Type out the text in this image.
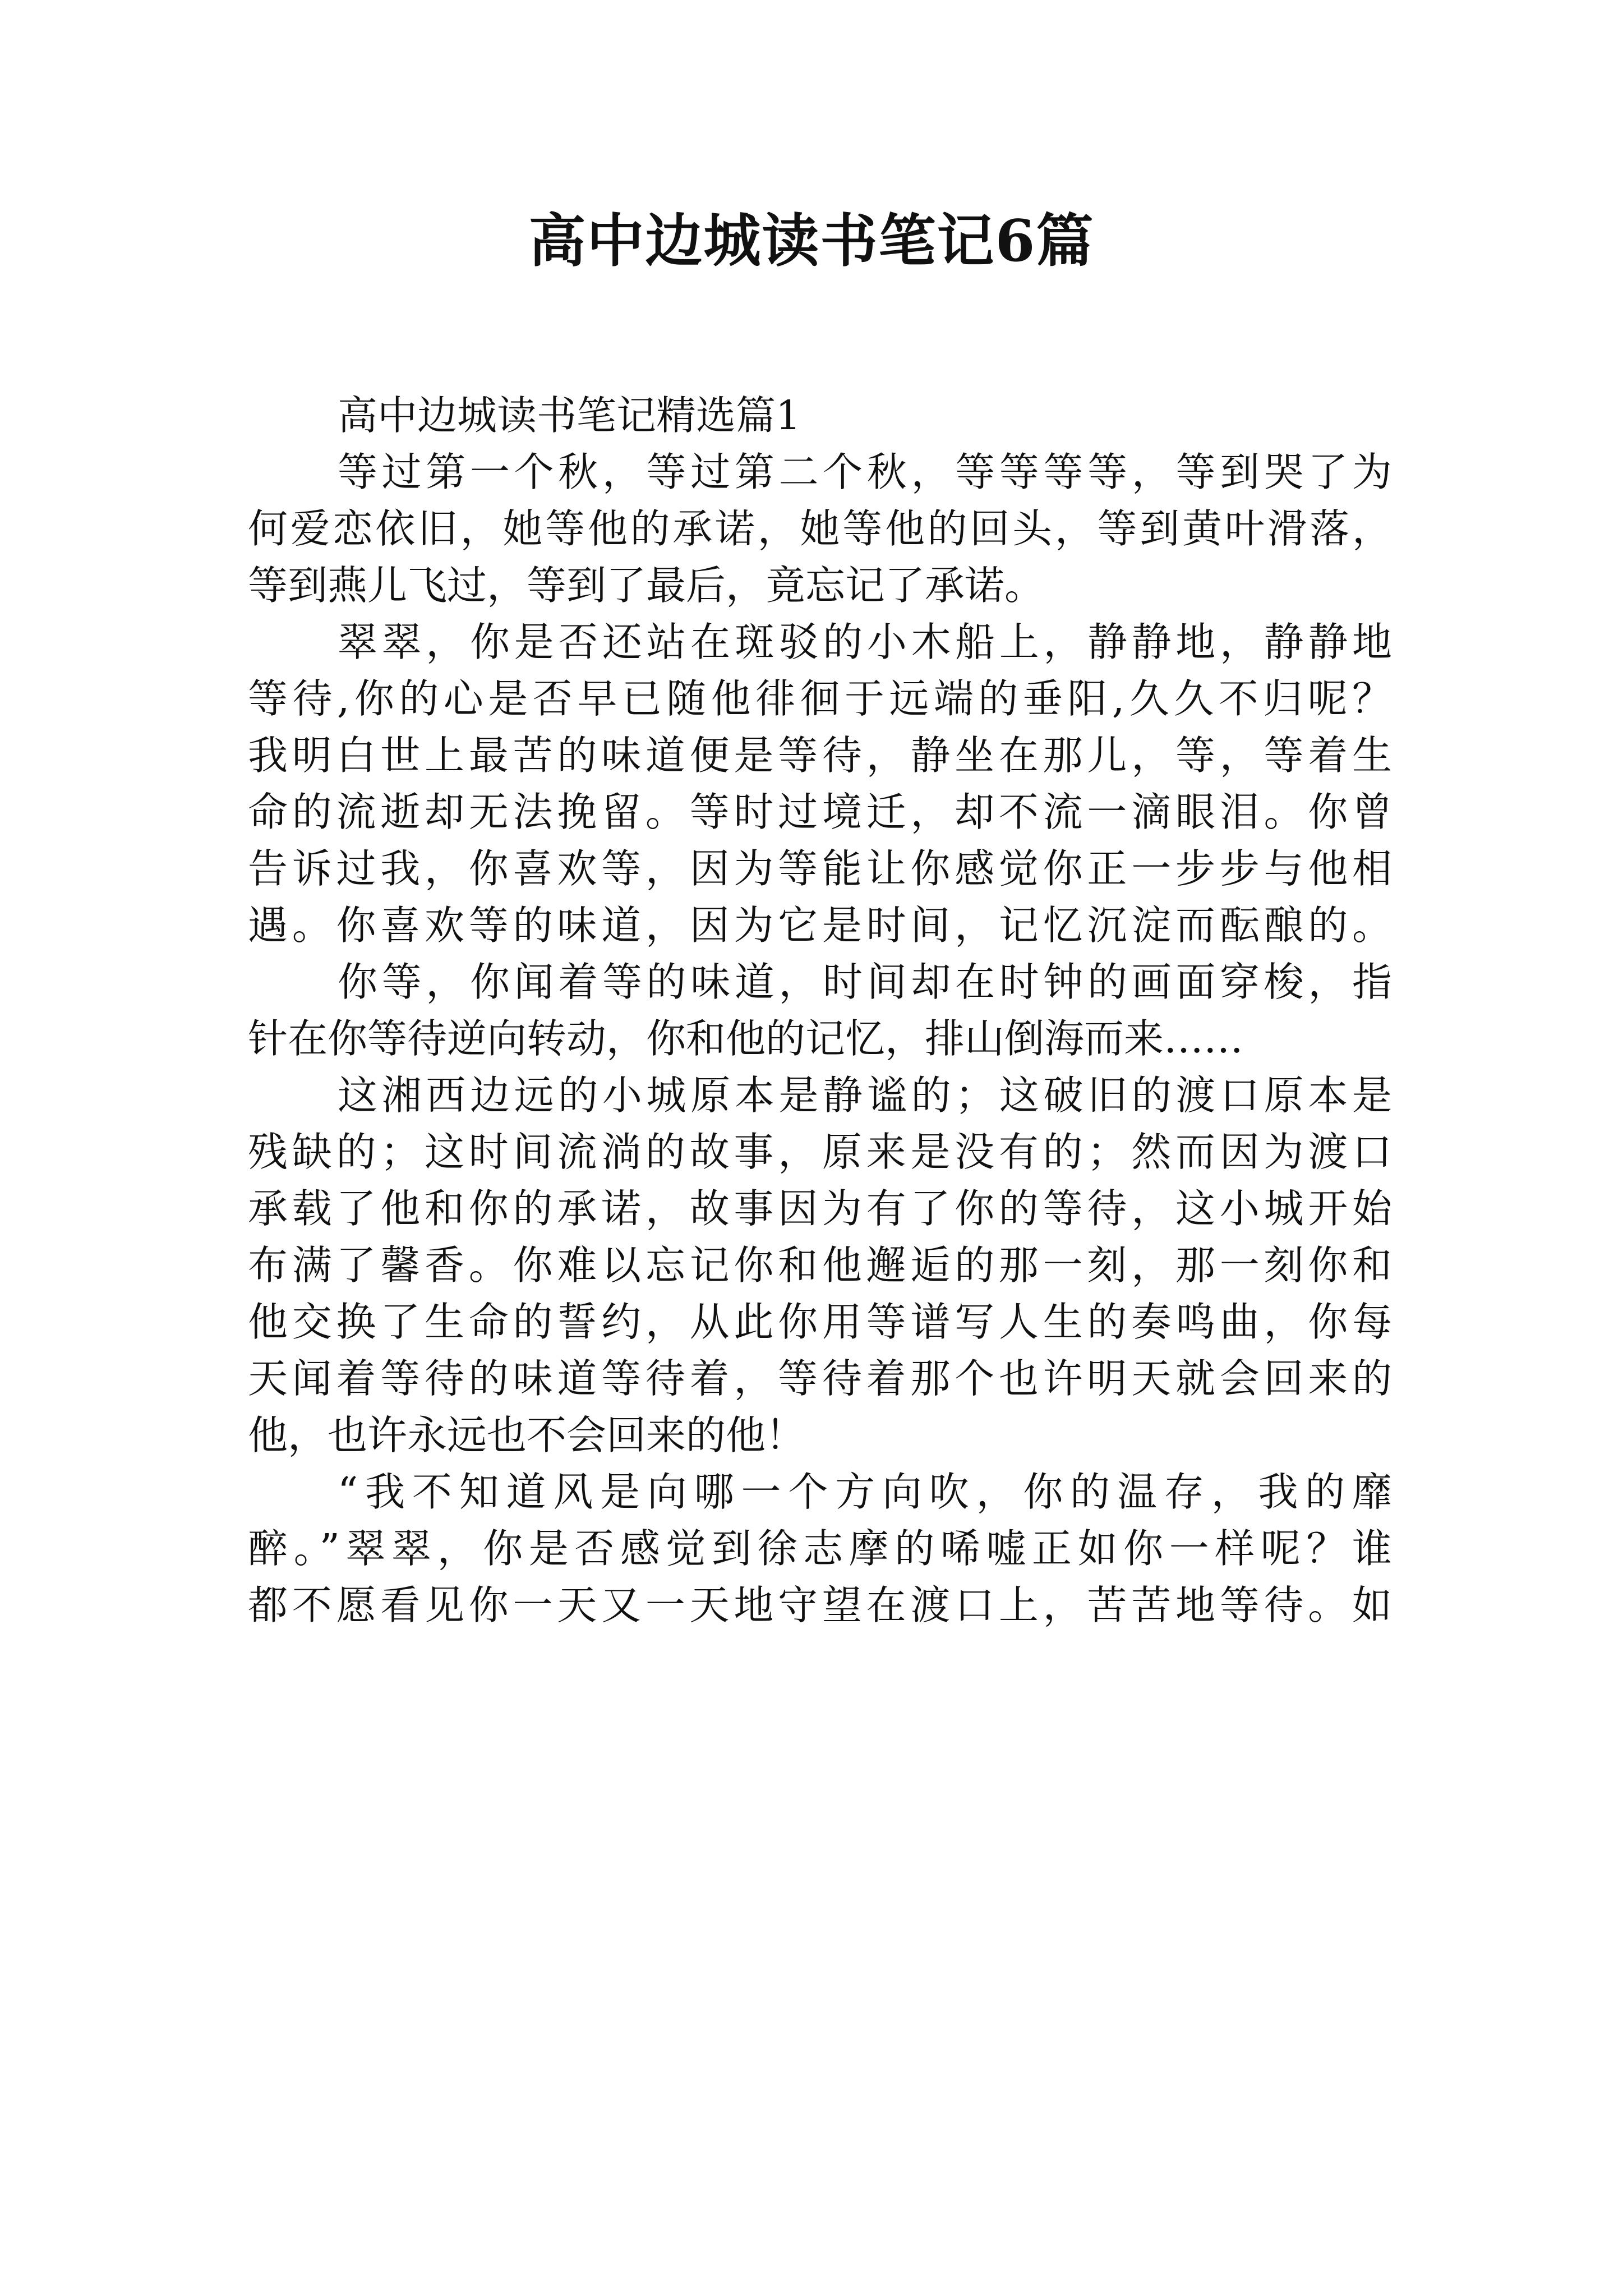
高中边城读书笔记6篇

高中边城读书笔记精选篇1

等过第一个秋，等过第二个秋，等等等等，等到哭了为

何爱恋依旧，她等他的承诺，她等他的回头，等到黄叶滑落，

等到燕儿飞过，等到了最后，竟忘记了承诺。

翠翠，你是否还站在斑驳的小木船上，静静地，静静地

等待,你的心是否早已随他徘徊于远端的垂阳,久久不归呢？

我明白世上最苦的味道便是等待，静坐在那儿，等，等着生

命的流逝却无法挽留。等时过境迁，却不流一滴眼泪。你曾

告诉过我，你喜欢等，因为等能让你感觉你正一步步与他相

遇。你喜欢等的味道，因为它是时间，记忆沉淀而酝酿的。

你等，你闻着等的味道，时间却在时钟的画面穿梭，指

针在你等待逆向转动，你和他的记忆，排山倒海而来……

这湘西边远的小城原本是静谧的；这破旧的渡口原本是

残缺的；这时间流淌的故事，原来是没有的；然而因为渡口

承载了他和你的承诺，故事因为有了你的等待，这小城开始

布满了馨香。你难以忘记你和他邂逅的那一刻，那一刻你和

他交换了生命的誓约，从此你用等谱写人生的奏鸣曲，你每

天闻着等待的味道等待着，等待着那个也许明天就会回来的

他，也许永远也不会回来的他！

“我不知道风是向哪一个方向吹，你的温存，我的靡

醉。”翠翠，你是否感觉到徐志摩的唏嘘正如你一样呢？谁

都不愿看见你一天又一天地守望在渡口上，苦苦地等待。如
